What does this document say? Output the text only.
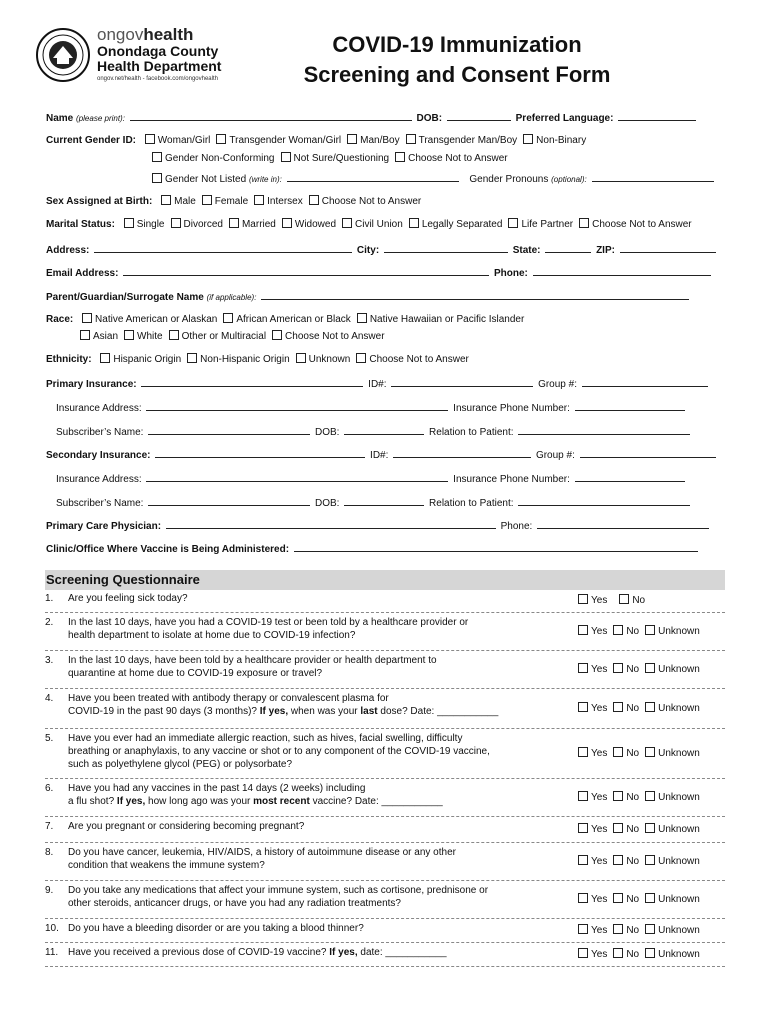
ongovhealth
Onondaga County
Health Department
ongov.net/health - facebook.com/ongovhealth
COVID-19 Immunization
Screening and Consent Form
Name (please print):	DOB:	Preferred Language:
Current Gender ID: Woman/Girl Transgender Woman/Girl Man/Boy Transgender Man/Boy Non-Binary
Gender Non-Conforming Not Sure/Questioning Choose Not to Answer
Gender Not Listed (write in):	Gender Pronouns (optional):
Sex Assigned at Birth: Male Female Intersex Choose Not to Answer
Marital Status: Single Divorced Married Widowed Civil Union Legally Separated Life Partner Choose Not to Answer
Address:	City:	State:	ZIP:
Email Address:	Phone:
Parent/Guardian/Surrogate Name (if applicable):
Race: Native American or Alaskan African American or Black Native Hawaiian or Pacific Islander
Asian White Other or Multiracial Choose Not to Answer
Ethnicity: Hispanic Origin Non-Hispanic Origin Unknown Choose Not to Answer
Primary Insurance:	ID#:	Group #:
Insurance Address:	Insurance Phone Number:
Subscriber’s Name:	DOB:	Relation to Patient:
Secondary Insurance:	ID#:	Group #:
Insurance Address:	Insurance Phone Number:
Subscriber’s Name:	DOB:	Relation to Patient:
Primary Care Physician:	Phone:
Clinic/Office Where Vaccine is Being Administered:
Screening Questionnaire
1. Are you feeling sick today?	Yes	No
2. In the last 10 days, have you had a COVID-19 test or been told by a healthcare provider or
health department to isolate at home due to COVID-19 infection?	Yes No Unknown
3. In the last 10 days, have been told by a healthcare provider or health department to
quarantine at home due to COVID-19 exposure or travel?	Yes No Unknown
4. Have you been treated with antibody therapy or convalescent plasma for
COVID-19 in the past 90 days (3 months)? If yes, when was your last dose? Date: ___________	Yes No Unknown
5. Have you ever had an immediate allergic reaction, such as hives, facial swelling, difficulty
breathing or anaphylaxis, to any vaccine or shot or to any component of the COVID-19 vaccine,
such as polyethylene glycol (PEG) or polysorbate?
Yes No Unknown
6. Have you had any vaccines in the past 14 days (2 weeks) including
a flu shot? If yes, how long ago was your most recent vaccine? Date: ___________	Yes No Unknown
7. Are you pregnant or considering becoming pregnant?	Yes No Unknown
8. Do you have cancer, leukemia, HIV/AIDS, a history of autoimmune disease or any other
condition that weakens the immune system?	Yes No Unknown
9. Do you take any medications that affect your immune system, such as cortisone, prednisone or
other steroids, anticancer drugs, or have you had any radiation treatments?	Yes No Unknown
10. Do you have a bleeding disorder or are you taking a blood thinner?	Yes No Unknown
11. Have you received a previous dose of COVID-19 vaccine? If yes, date: ___________	Yes No Unknown
